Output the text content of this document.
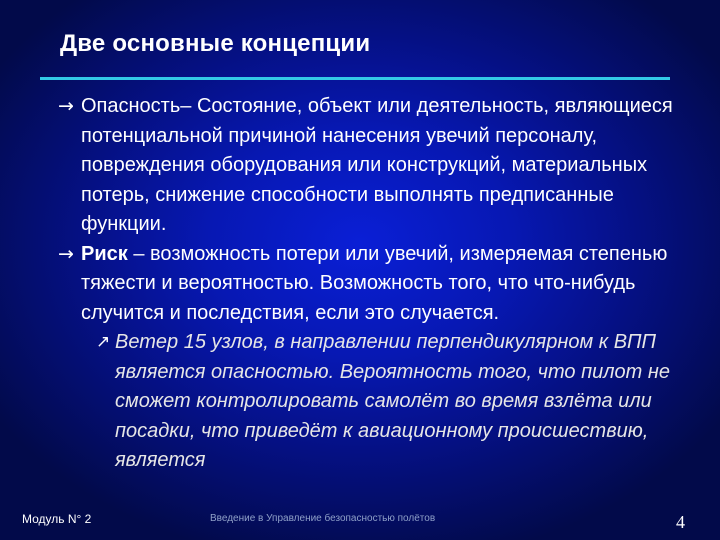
Две основные концепции
→ Опасность– Состояние, объект или деятельность, являющиеся потенциальной причиной нанесения увечий персоналу, повреждения оборудования или конструкций, материальных потерь, снижение способности выполнять предписанные функции.
→ Риск – возможность потери или увечий, измеряемая степенью тяжести и вероятностью. Возможность того, что что-нибудь случится и последствия, если это случается.
↗ Ветер 15 узлов, в направлении перпендикулярном к ВПП является опасностью. Вероятность того, что пилот не сможет контролировать самолёт во время взлёта или посадки, что приведёт к авиационному происшествию, является
Модуль N° 2	Введение в Управление безопасностью полётов	4
